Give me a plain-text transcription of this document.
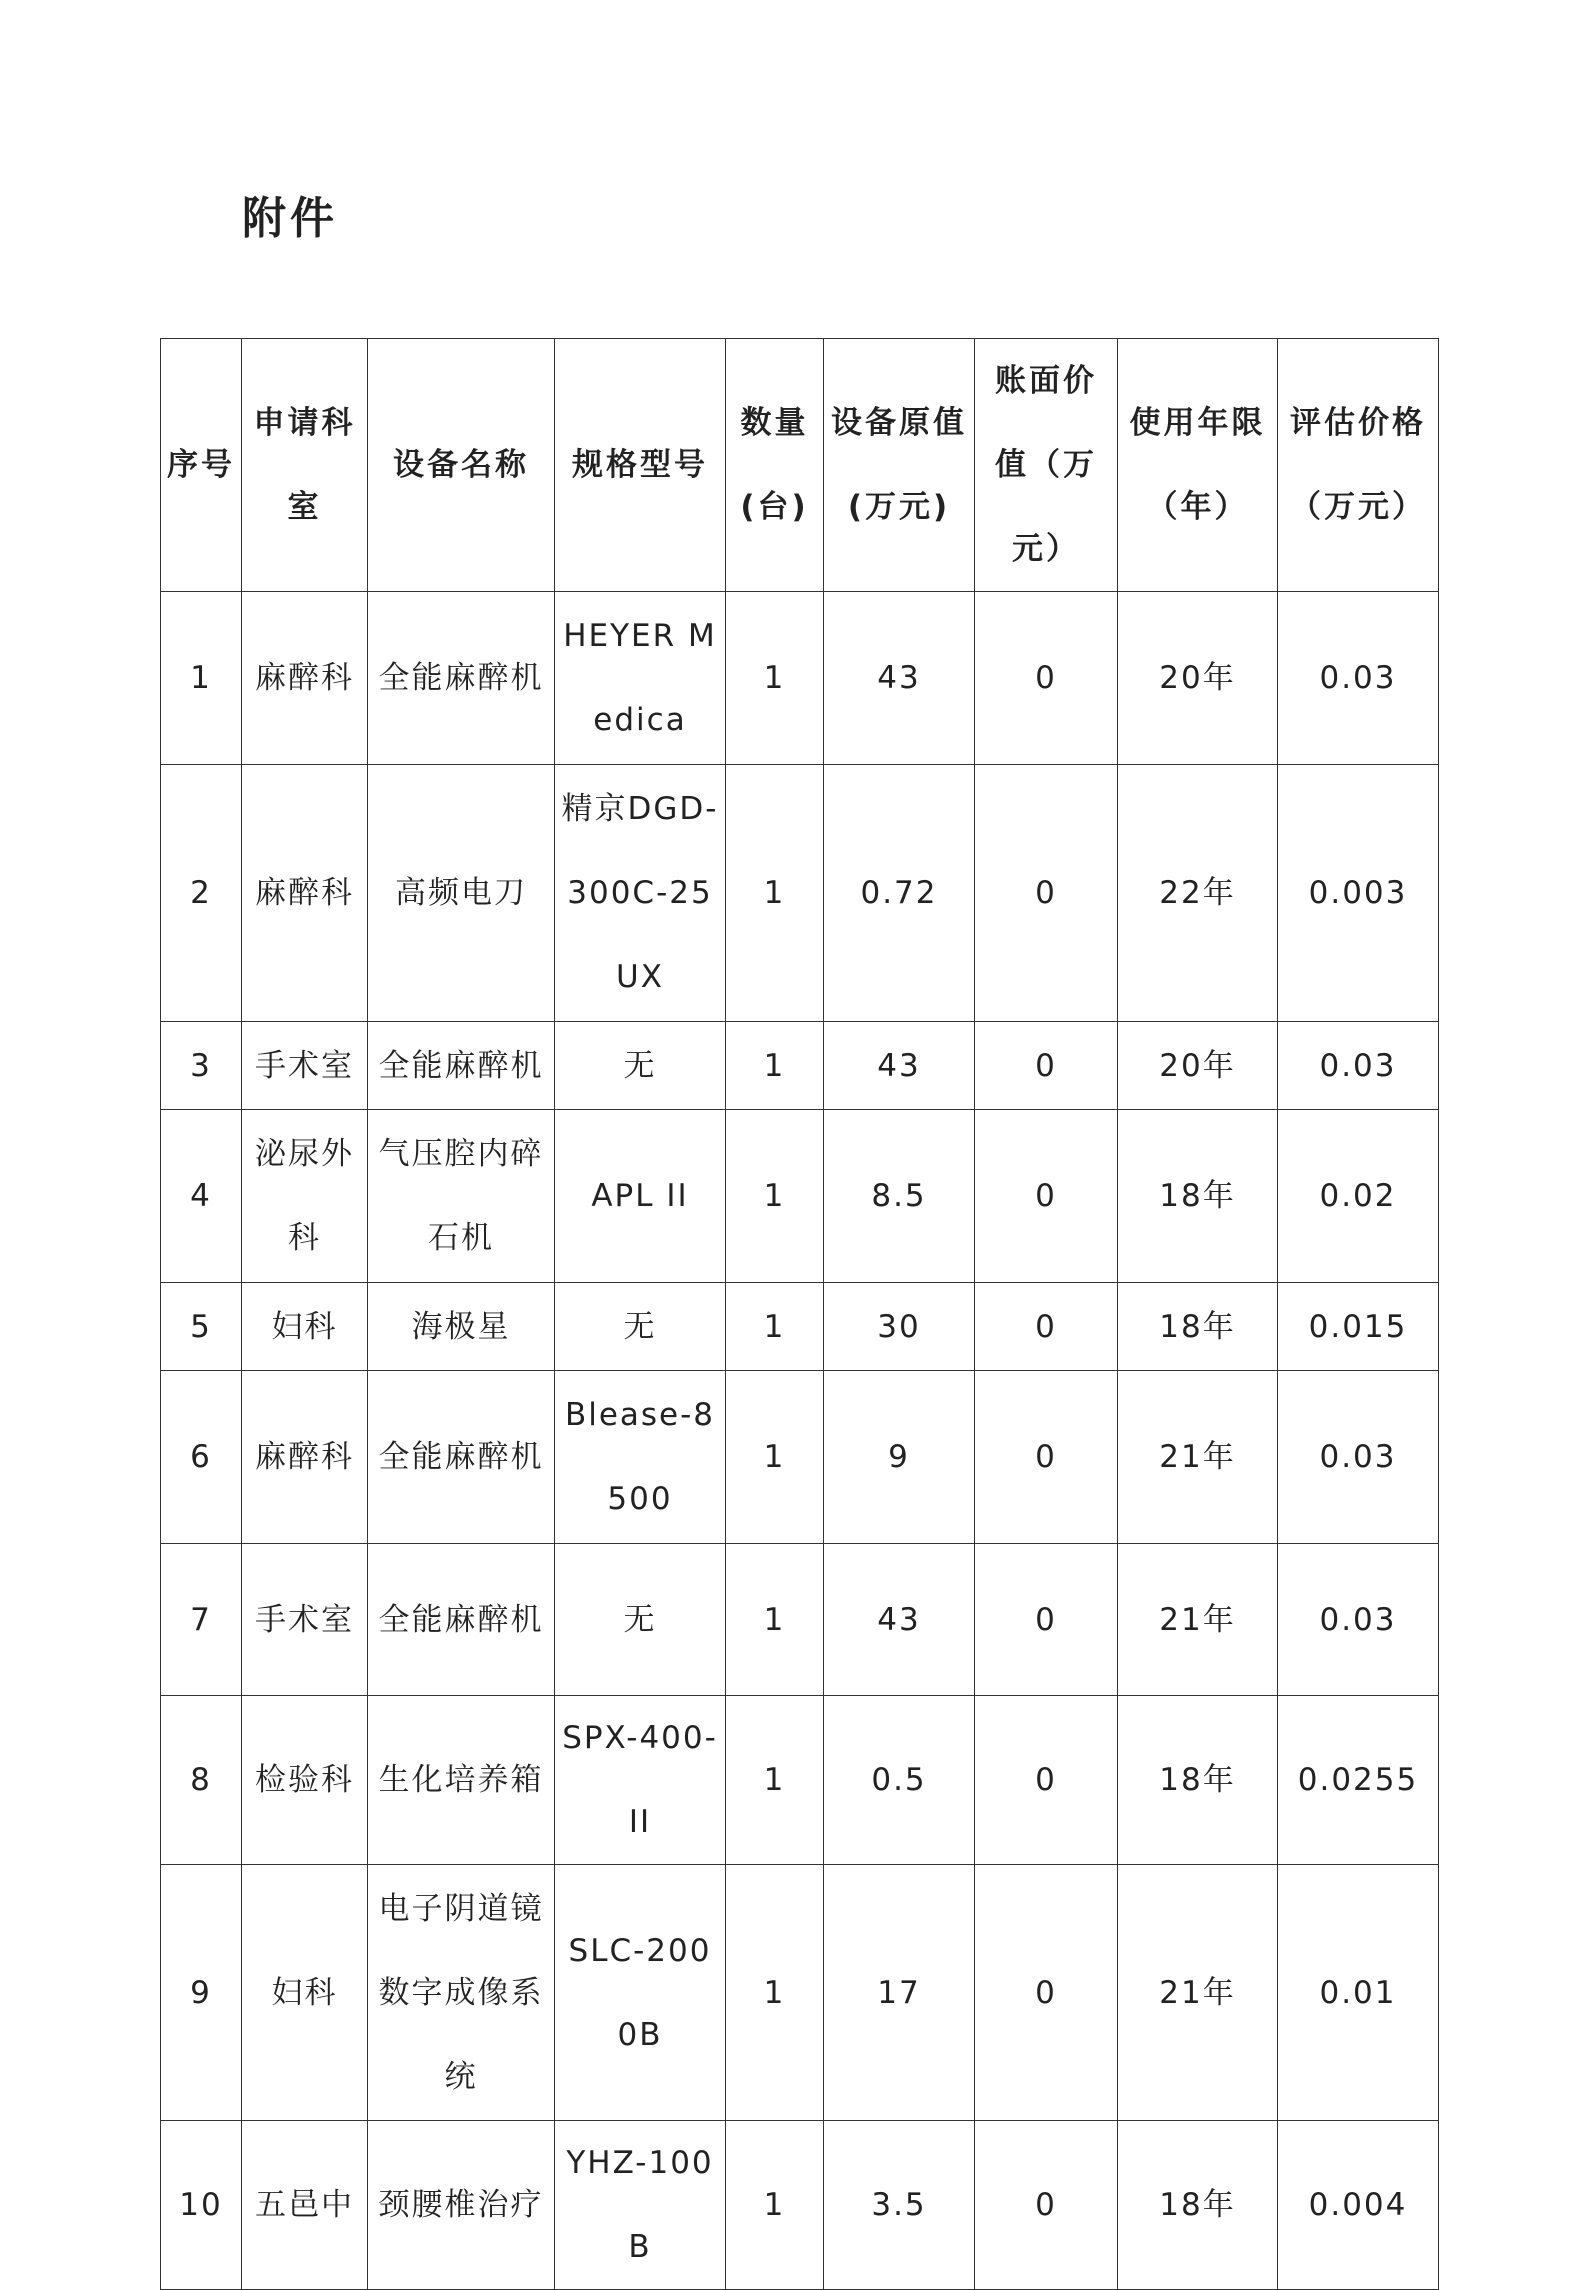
附件
序号	申请科室	设备名称	规格型号	数量(台)	设备原值(万元)	账面价值（万元）	使用年限（年）	评估价格（万元）
1	麻醉科	全能麻醉机	HEYER Medica	1	43	0	20年	0.03
2	麻醉科	高频电刀	精京DGD-300C-25UX	1	0.72	0	22年	0.003
3	手术室	全能麻醉机	无	1	43	0	20年	0.03
4	泌尿外科	气压腔内碎石机	APL II	1	8.5	0	18年	0.02
5	妇科	海极星	无	1	30	0	18年	0.015
6	麻醉科	全能麻醉机	Blease-8500	1	9	0	21年	0.03
7	手术室	全能麻醉机	无	1	43	0	21年	0.03
8	检验科	生化培养箱	SPX-400-II	1	0.5	0	18年	0.0255
9	妇科	电子阴道镜数字成像系统	SLC-2000B	1	17	0	21年	0.01
10	五邑中	颈腰椎治疗	YHZ-100B	1	3.5	0	18年	0.004
